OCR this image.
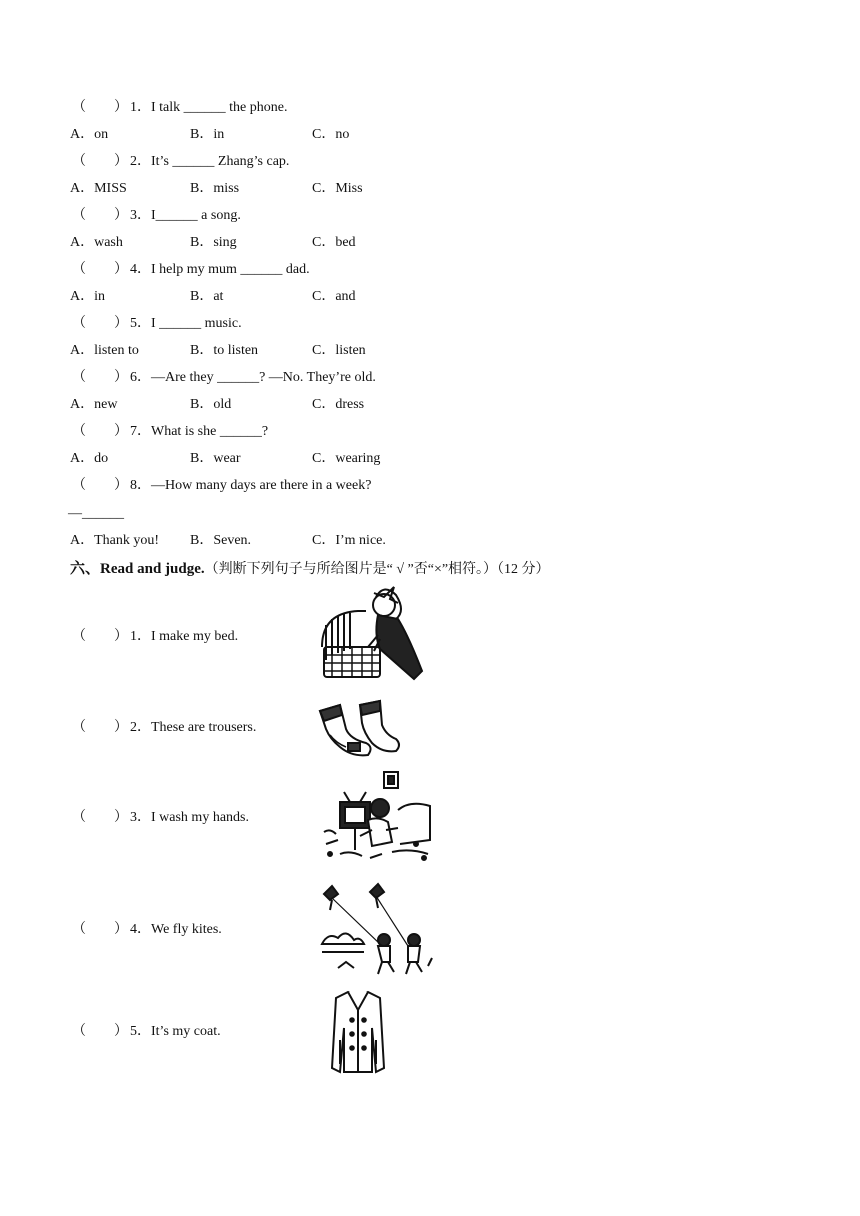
（　　） 1．I talk ______ the phone.
A．on	B．in	C．no
（　　） 2．It’s ______ Zhang’s cap.
A．MISS	B．miss	C．Miss
（　　） 3．I______ a song.
A．wash	B．sing	C．bed
（　　） 4．I help my mum ______ dad.
A．in	B．at	C．and
（　　） 5．I ______ music.
A．listen to	B．to listen	C．listen
（　　） 6．—Are they ______? —No. They’re old.
A．new	B．old	C．dress
（　　） 7．What is she ______?
A．do	B．wear	C．wearing
（　　） 8．—How many days are there in a week?
—______
A．Thank you! B．Seven.	C．I’m nice.
六、Read and judge.（判断下列句子与所给图片是“ √ ”否“×”相符。）（12 分）
（　　） 1．I make my bed.
（　　） 2．These are trousers.
（　　） 3．I wash my hands.
（　　） 4．We fly kites.
（　　） 5．It’s my coat.
